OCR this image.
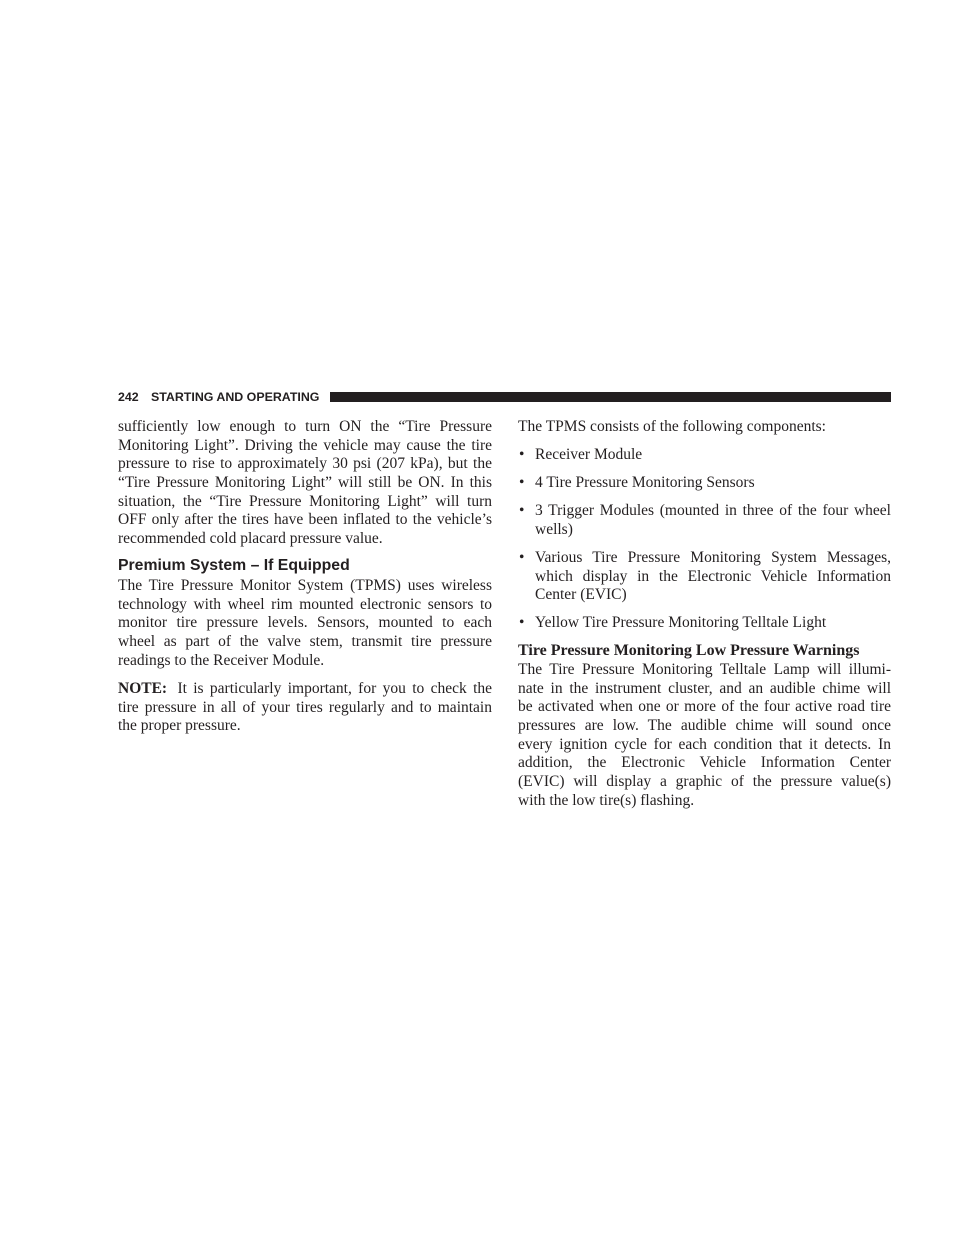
242 STARTING AND OPERATING
sufficiently low enough to turn ON the “Tire Pressure
Monitoring Light”. Driving the vehicle may cause the tire
pressure to rise to approximately 30 psi (207 kPa), but the
“Tire Pressure Monitoring Light” will still be ON. In this
situation, the “Tire Pressure Monitoring Light” will turn
OFF only after the tires have been inflated to the vehicle’s
recommended cold placard pressure value.
Premium System – If Equipped
The Tire Pressure Monitor System (TPMS) uses wireless
technology with wheel rim mounted electronic sensors to
monitor tire pressure levels. Sensors, mounted to each
wheel as part of the valve stem, transmit tire pressure
readings to the Receiver Module.
NOTE: It is particularly important, for you to check the
tire pressure in all of your tires regularly and to maintain
the proper pressure.
The TPMS consists of the following components:
• Receiver Module
• 4 Tire Pressure Monitoring Sensors
• 3 Trigger Modules (mounted in three of the four wheel
wells)
• Various Tire Pressure Monitoring System Messages,
which display in the Electronic Vehicle Information
Center (EVIC)
• Yellow Tire Pressure Monitoring Telltale Light
Tire Pressure Monitoring Low Pressure Warnings
The Tire Pressure Monitoring Telltale Lamp will illumi-
nate in the instrument cluster, and an audible chime will
be activated when one or more of the four active road tire
pressures are low. The audible chime will sound once
every ignition cycle for each condition that it detects. In
addition, the Electronic Vehicle Information Center
(EVIC) will display a graphic of the pressure value(s)
with the low tire(s) flashing.
